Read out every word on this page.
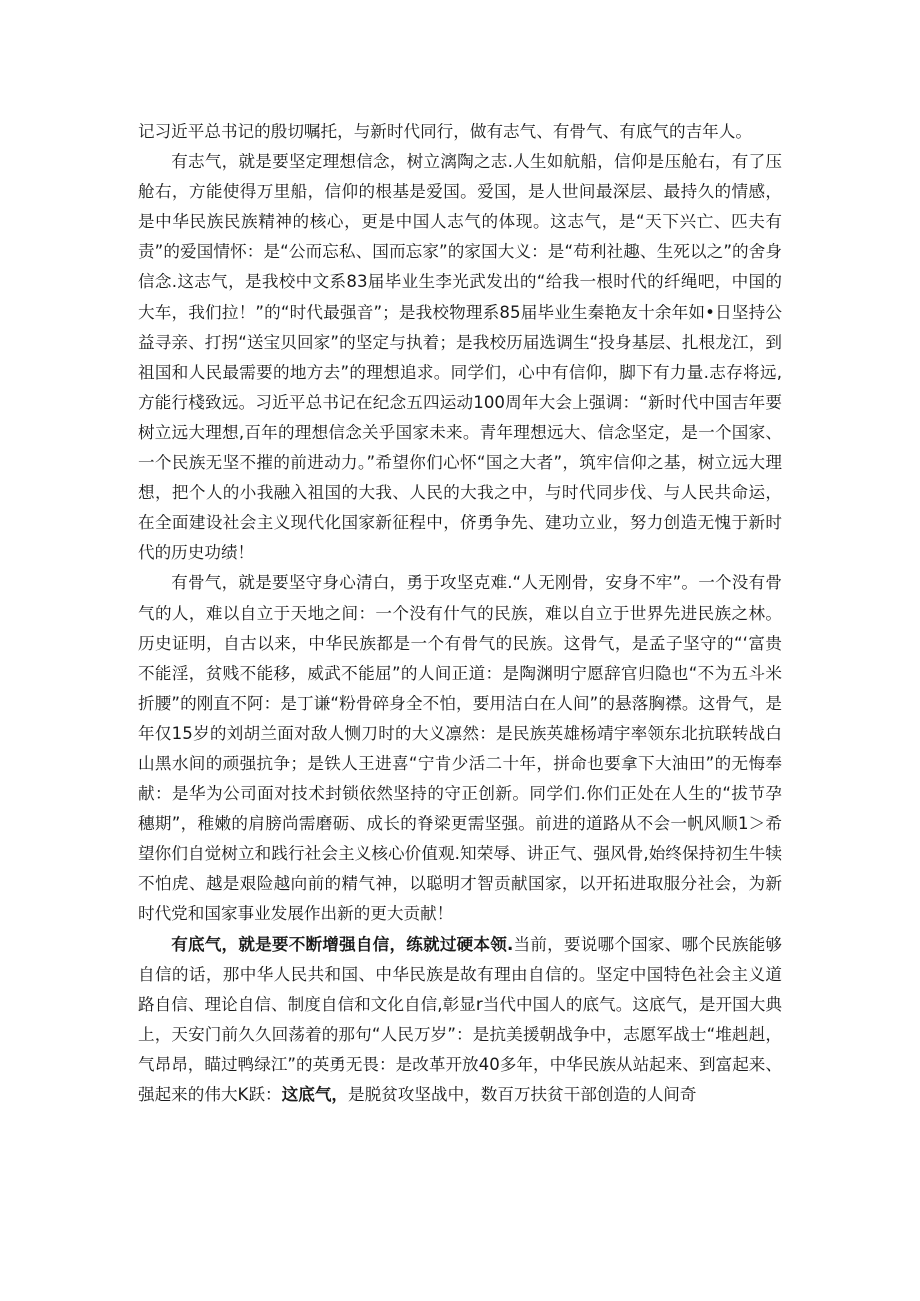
记习近平总书记的殷切嘱托，与新时代同行，做有志气、有骨气、有底气的吉年人。

有志气，就是要坚定理想信念，树立漓陶之志.人生如航船，信仰是压舱右，有了压舱右，方能使得万里船，信仰的根基是爱国。爱国，是人世间最深层、最持久的情感，是中华民族民族精神的核心，更是中国人志气的体现。这志气，是“天下兴亡、匹夫有责”的爱国情怀：是“公而忘私、国而忘家”的家国大义：是“苟利社趣、生死以之”的舍身信念.这志气，是我校中文系83届毕业生李光武发出的“给我一根时代的纤绳吧，中国的大车，我们拉！”的“时代最强音”；是我校物理系85届毕业生秦艳友十余年如•日坚持公益寻亲、打拐“送宝贝回家”的坚定与执着；是我校历届选调生“投身基层、扎根龙江，到祖国和人民最需要的地方去”的理想追求。同学们，心中有信仰，脚下有力量.志存将远,方能行棧致远。习近平总书记在纪念五四运动100周年大会上强调：“新时代中国吉年要树立远大理想,百年的理想信念关乎国家未来。青年理想远大、信念坚定，是一个国家、一个民族无坚不摧的前进动力。”希望你们心怀“国之大者”，筑牢信仰之基，树立远大理想，把个人的小我融入祖国的大我、人民的大我之中，与时代同步伐、与人民共命运，在全面建设社会主义现代化国家新征程中，侪勇争先、建功立业，努力创造无愧于新时代的历史功绩！

有骨气，就是要坚守身心清白，勇于攻坚克难.“人无刚骨，安身不牢”。一个没有骨气的人，难以自立于天地之间：一个没有什气的民族，难以自立于世界先进民族之林。历史证明，自古以来，中华民族都是一个有骨气的民族。这骨气，是孟子坚守的“‘富贵不能淫，贫贱不能移，威武不能屈”的人间正道：是陶渊明宁愿辞官归隐也“不为五斗米折腰”的刚直不阿：是丁谦“粉骨碎身全不怕，要用洁白在人间”的悬落胸襟。这骨气，是年仅15岁的刘胡兰面对敌人恻刀时的大义凛然：是民族英雄杨靖宇率领东北抗联转战白山黑水间的顽强抗争；是铁人王进喜“宁肯少活二十年，拼命也要拿下大油田”的无悔奉献：是华为公司面对技术封锁依然坚持的守正创新。同学们.你们正处在人生的“拔节孕穗期”，稚嫩的肩膀尚需磨砺、成长的脊梁更需坚强。前进的道路从不会一帆风顺1＞希望你们自觉树立和践行社会主义核心价值观.知荣辱、讲正气、强风骨,始终保持初生牛犊不怕虎、越是艰险越向前的精气神，以聪明才智贡献国家，以开拓进取服分社会，为新时代党和国家事业发展作出新的更大贡献！

有底气，就是要不断增强自信，练就过硬本领.当前，要说哪个国家、哪个民族能够自信的话，那中华人民共和国、中华民族是故有理由自信的。坚定中国特色社会主义道路自信、理论自信、制度自信和文化自信,彰显r当代中国人的底气。这底气，是开国大典上，天安门前久久回荡着的那句“人民万岁”：是抗美援朝战争中，志愿军战士“堆赳赳，气昂昂，瞄过鸭绿江”的英勇无畏：是改革开放40多年，中华民族从站起来、到富起来、强起来的伟大K跃：这底气，是脱贫攻坚战中，数百万扶贫干部创造的人间奇
